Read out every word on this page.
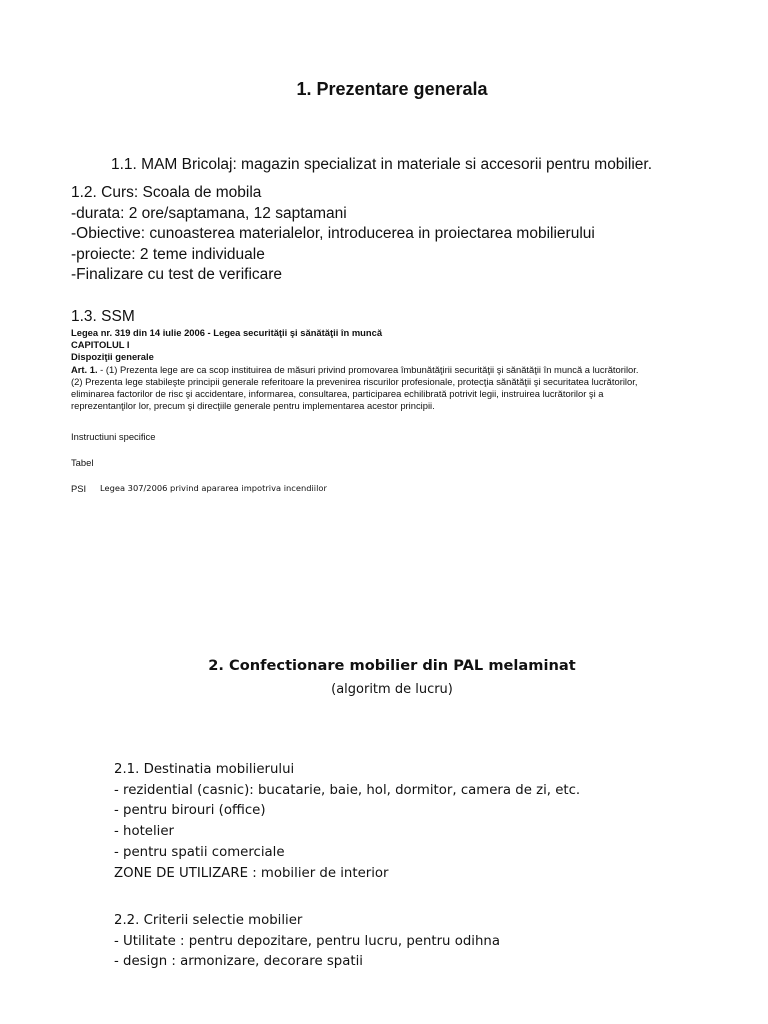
1. Prezentare generala
1.1. MAM Bricolaj: magazin specializat in materiale si accesorii pentru mobilier.
1.2. Curs: Scoala de mobila
-durata: 2 ore/saptamana, 12 saptamani
-Obiective: cunoasterea materialelor, introducerea in proiectarea mobilierului
-proiecte: 2 teme individuale
-Finalizare cu test de verificare
1.3. SSM
Legea nr. 319 din 14 iulie 2006 - Legea securităţii şi sănătăţii în muncă
CAPITOLUL I
Dispoziţii generale
Art. 1. - (1) Prezenta lege are ca scop instituirea de măsuri privind promovarea îmbunătăţirii securităţii şi sănătăţii în muncă a lucrătorilor.
(2) Prezenta lege stabileşte principii generale referitoare la prevenirea riscurilor profesionale, protecţia sănătăţii şi securitatea lucrătorilor,
eliminarea factorilor de risc şi accidentare, informarea, consultarea, participarea echilibrată potrivit legii, instruirea lucrătorilor şi a
reprezentanţilor lor, precum şi direcţiile generale pentru implementarea acestor principii.
Instructiuni specifice
Tabel
PSI Legea 307/2006 privind apararea impotriva incendiilor
2. Confectionare mobilier din PAL melaminat
(algoritm de lucru)
2.1. Destinatia mobilierului
- rezidential (casnic): bucatarie, baie, hol, dormitor, camera de zi, etc.
- pentru birouri (office)
- hotelier
- pentru spatii comerciale
ZONE DE UTILIZARE : mobilier de interior
2.2. Criterii selectie mobilier
- Utilitate : pentru depozitare, pentru lucru, pentru odihna
- design : armonizare, decorare spatii
